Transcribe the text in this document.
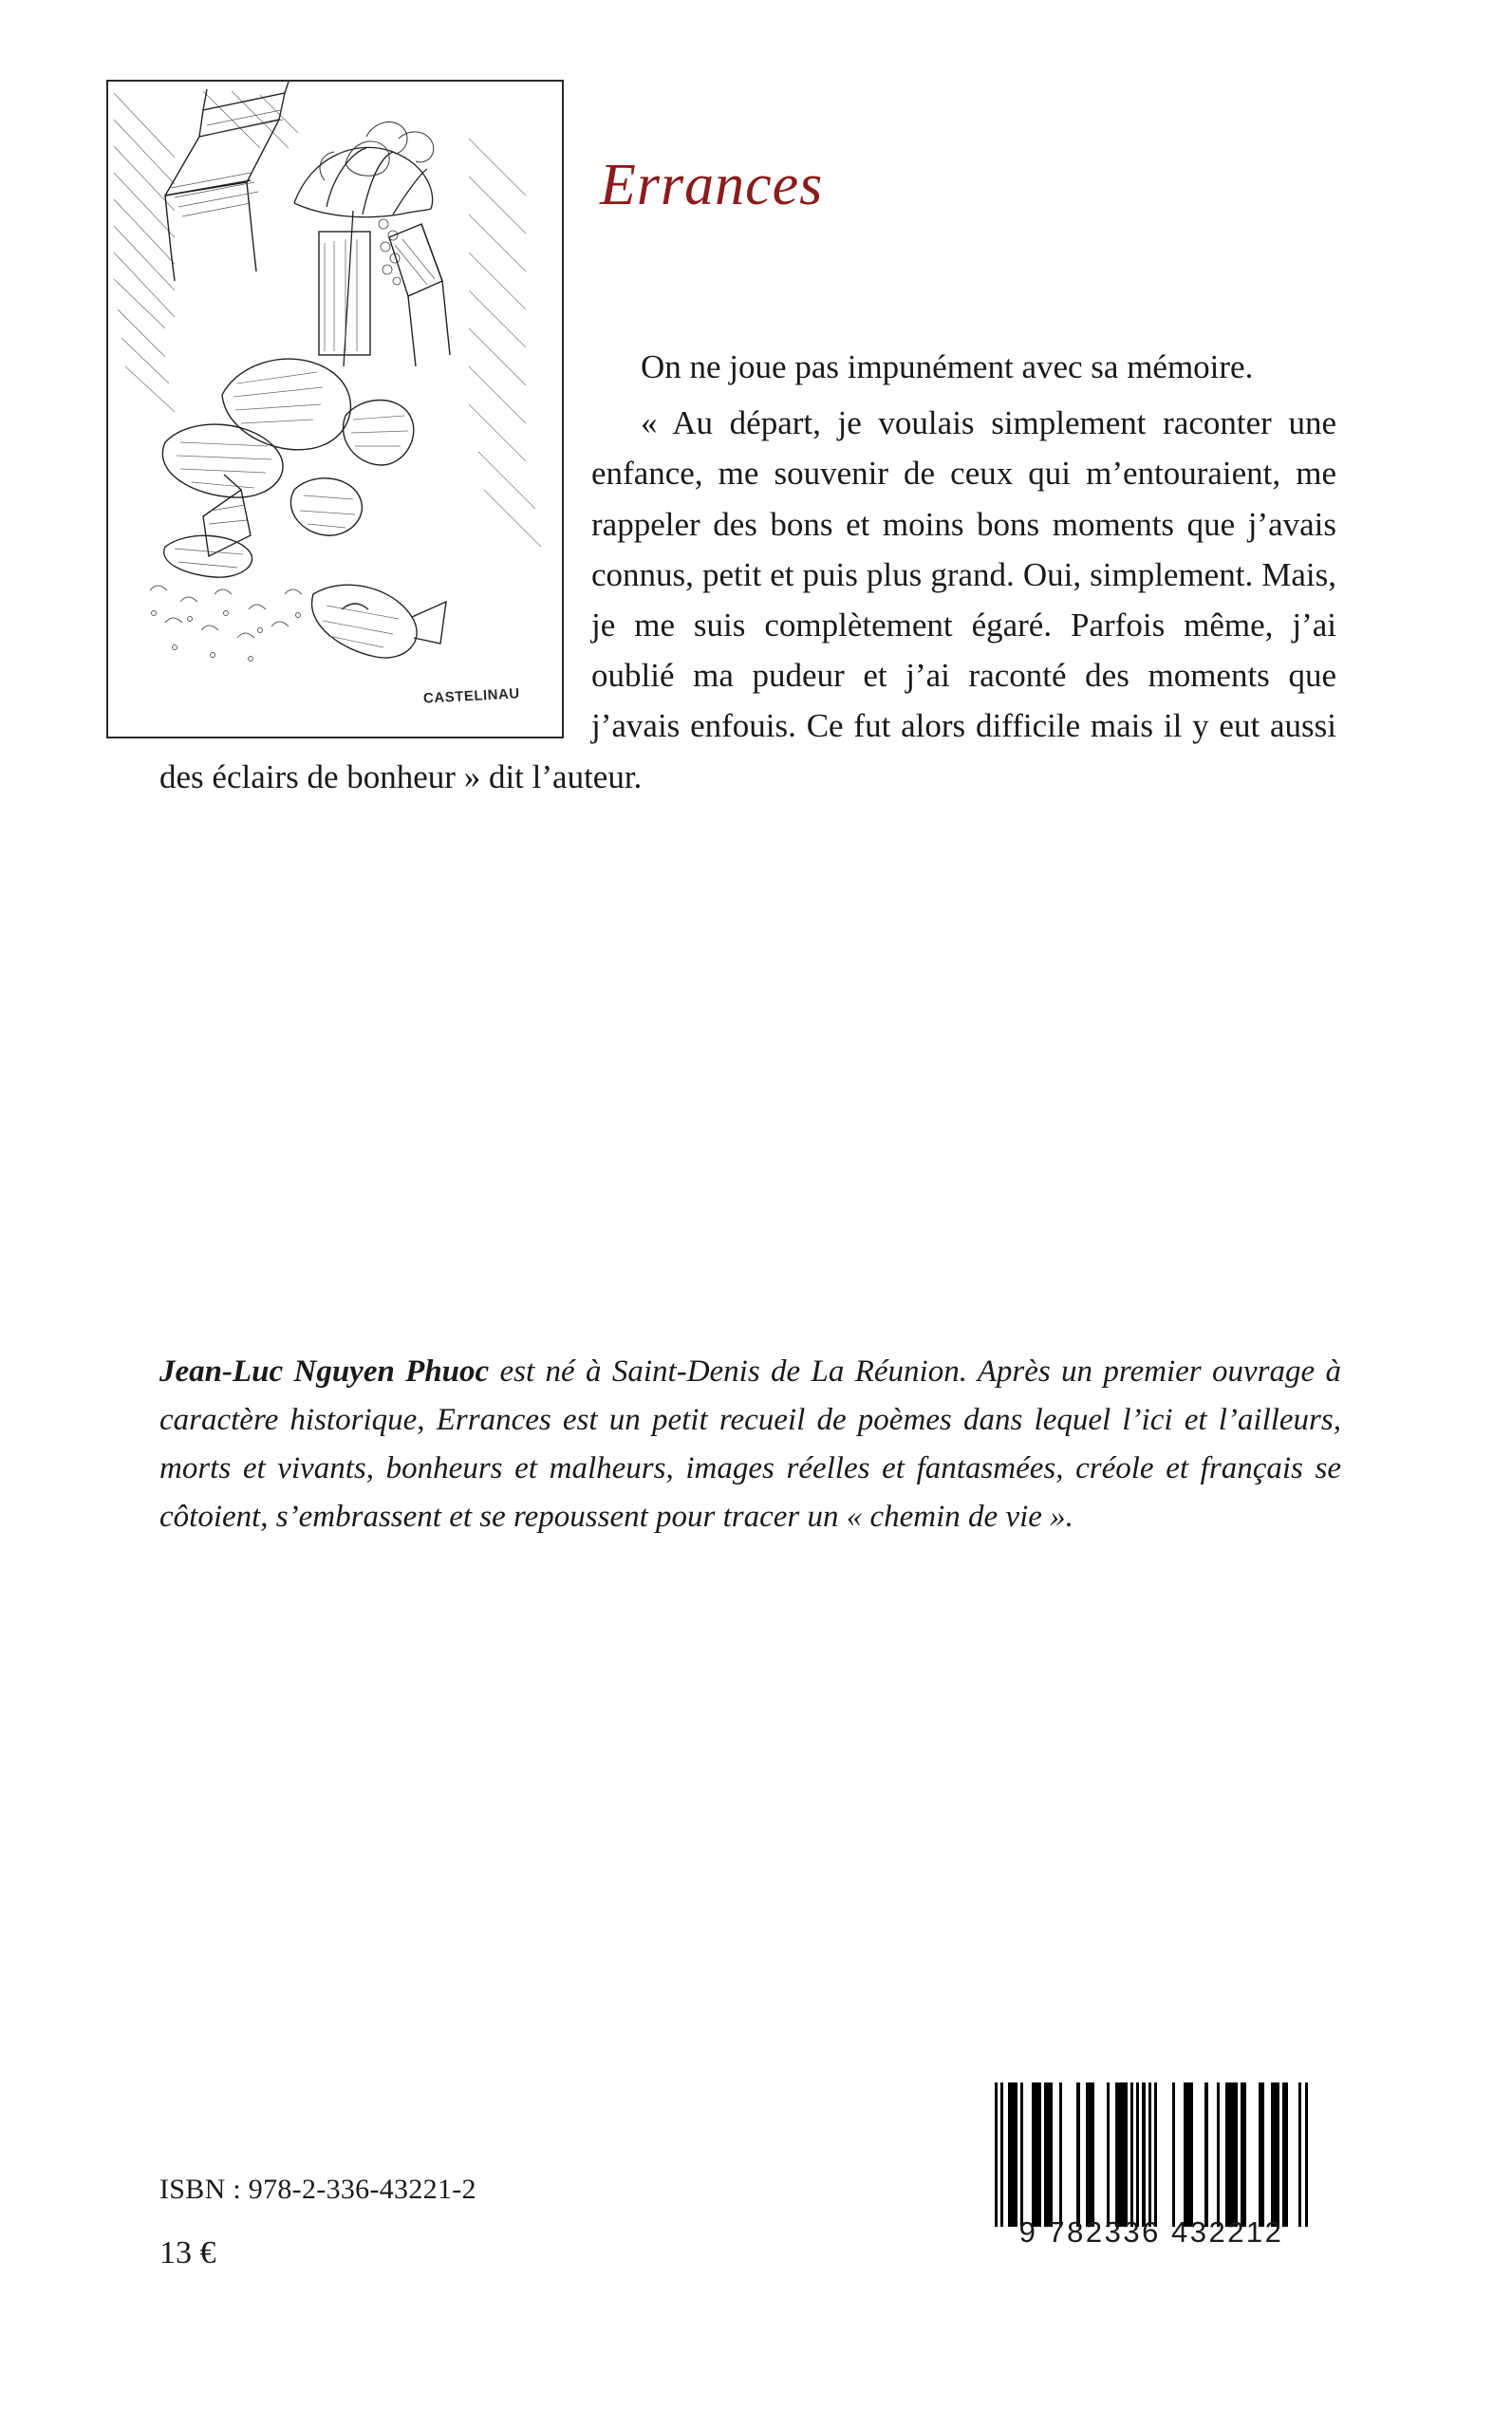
CASTELINAU
Errances

On ne joue pas impunément avec sa mémoire.

« Au départ, je voulais simplement raconter une enfance, me souvenir de ceux qui m’entouraient, me rappeler des bons et moins bons moments que j’avais connus, petit et puis plus grand. Oui, simplement. Mais, je me suis complètement égaré. Parfois même, j’ai oublié ma pudeur et j’ai raconté des moments que j’avais enfouis. Ce fut alors difficile mais il y eut aussi des éclairs de bonheur » dit l’auteur.

Jean-Luc Nguyen Phuoc est né à Saint-Denis de La Réunion. Après un premier ouvrage à caractère historique, Errances est un petit recueil de poèmes dans lequel l’ici et l’ailleurs, morts et vivants, bonheurs et malheurs, images réelles et fantasmées, créole et français se côtoient, s’embrassent et se repoussent pour tracer un « chemin de vie ».
ISBN : 978-2-336-43221-2
13 €
9 782336 432212
